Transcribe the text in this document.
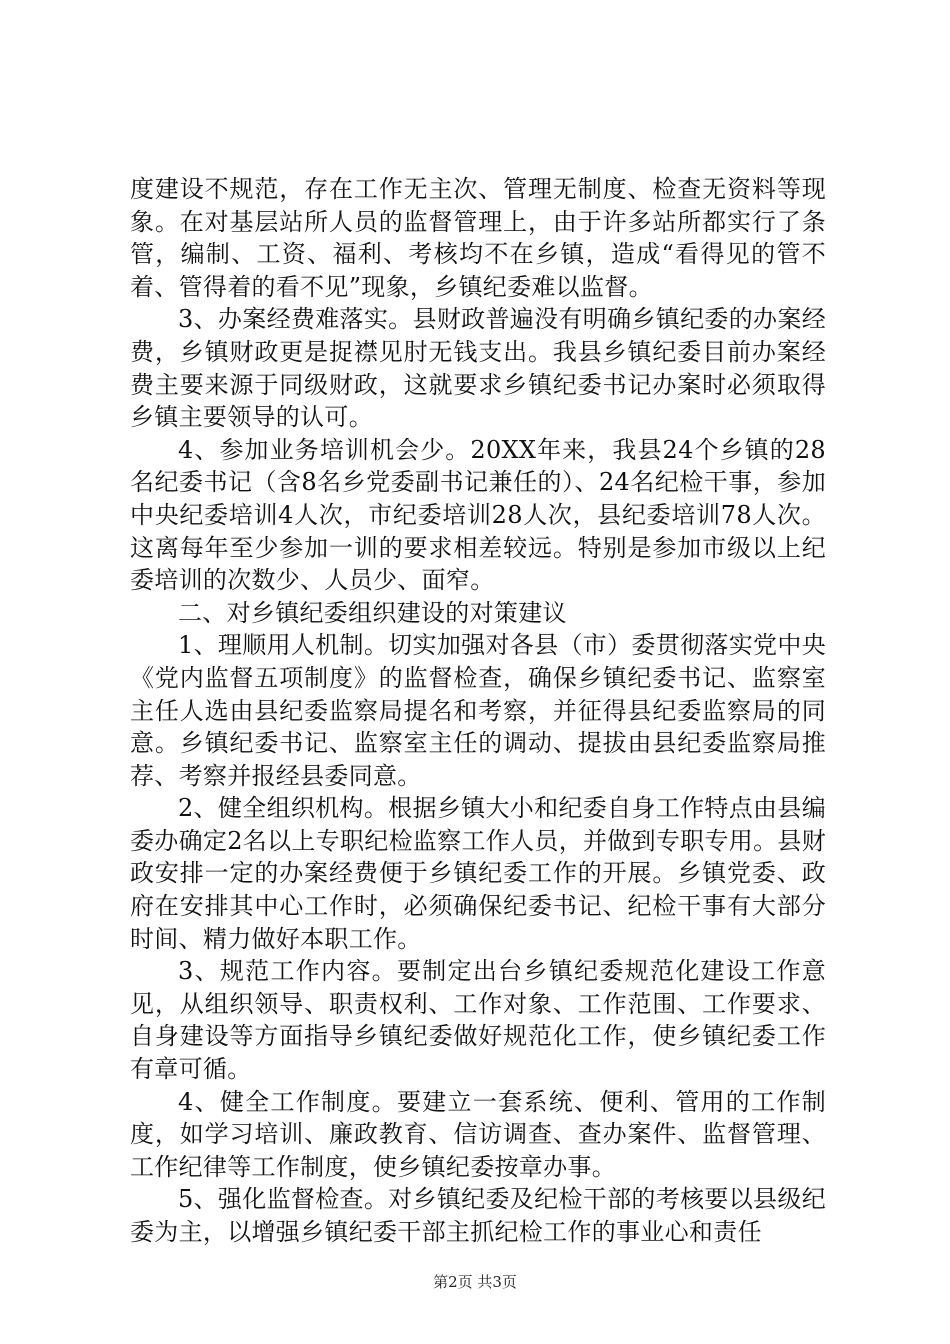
度建设不规范，存在工作无主次、管理无制度、检查无资料等现象。在对基层站所人员的监督管理上，由于许多站所都实行了条管，编制、工资、福利、考核均不在乡镇，造成“看得见的管不着、管得着的看不见”现象，乡镇纪委难以监督。

3、办案经费难落实。县财政普遍没有明确乡镇纪委的办案经费，乡镇财政更是捉襟见肘无钱支出。我县乡镇纪委目前办案经费主要来源于同级财政，这就要求乡镇纪委书记办案时必须取得乡镇主要领导的认可。

4、参加业务培训机会少。20XX年来，我县24个乡镇的28名纪委书记（含8名乡党委副书记兼任的）、24名纪检干事，参加中央纪委培训4人次，市纪委培训28人次，县纪委培训78人次。这离每年至少参加一训的要求相差较远。特别是参加市级以上纪委培训的次数少、人员少、面窄。

二、对乡镇纪委组织建设的对策建议

1、理顺用人机制。切实加强对各县（市）委贯彻落实党中央《党内监督五项制度》的监督检查，确保乡镇纪委书记、监察室主任人选由县纪委监察局提名和考察，并征得县纪委监察局的同意。乡镇纪委书记、监察室主任的调动、提拔由县纪委监察局推荐、考察并报经县委同意。

2、健全组织机构。根据乡镇大小和纪委自身工作特点由县编委办确定2名以上专职纪检监察工作人员，并做到专职专用。县财政安排一定的办案经费便于乡镇纪委工作的开展。乡镇党委、政府在安排其中心工作时，必须确保纪委书记、纪检干事有大部分时间、精力做好本职工作。

3、规范工作内容。要制定出台乡镇纪委规范化建设工作意见，从组织领导、职责权利、工作对象、工作范围、工作要求、自身建设等方面指导乡镇纪委做好规范化工作，使乡镇纪委工作有章可循。

4、健全工作制度。要建立一套系统、便利、管用的工作制度，如学习培训、廉政教育、信访调查、查办案件、监督管理、工作纪律等工作制度，使乡镇纪委按章办事。

5、强化监督检查。对乡镇纪委及纪检干部的考核要以县级纪委为主，以增强乡镇纪委干部主抓纪检工作的事业心和责任

第2页 共3页
